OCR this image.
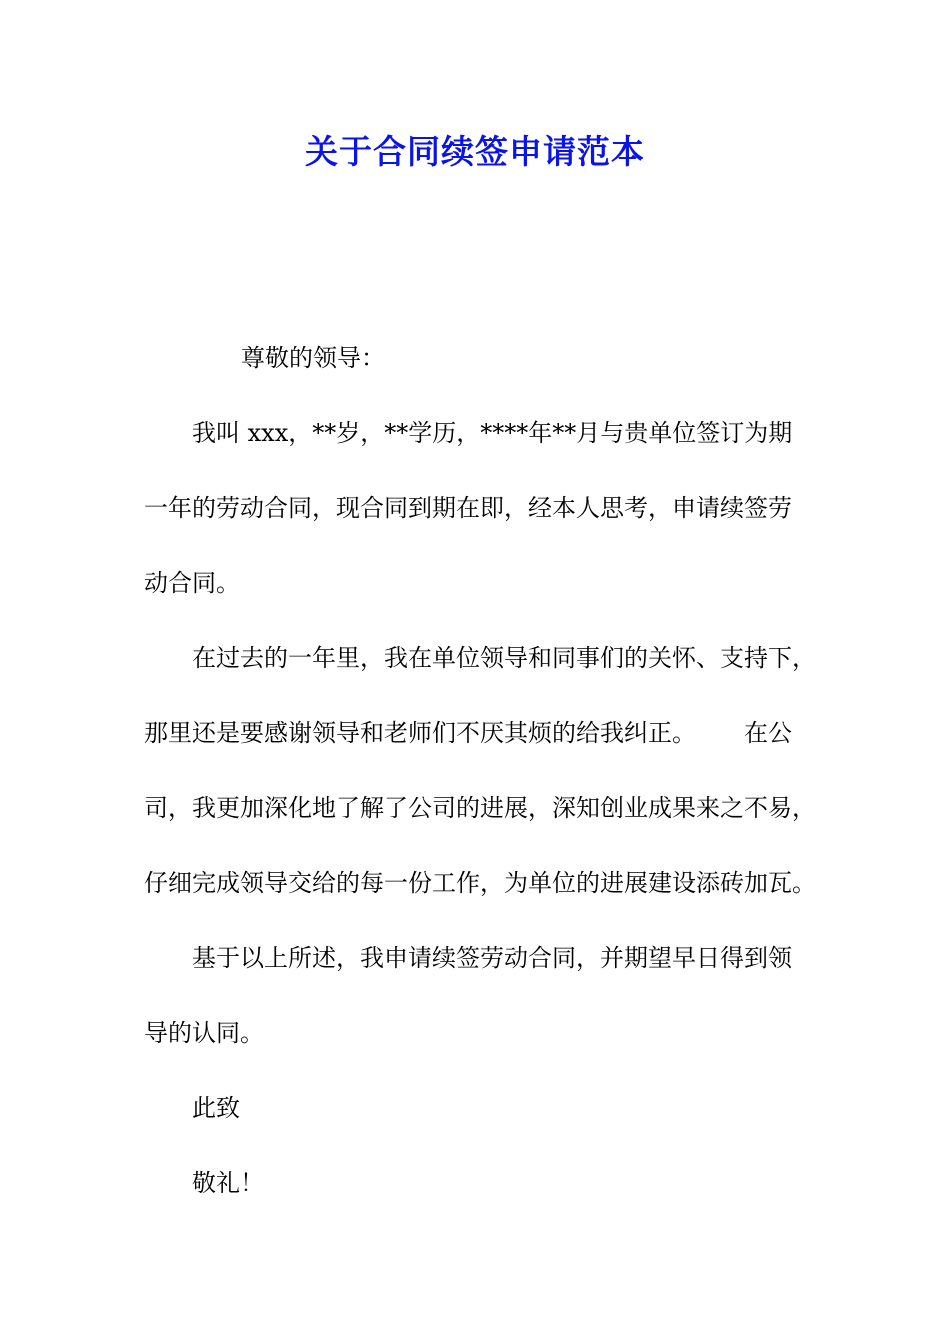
关于合同续签申请范本
尊敬的领导：
我叫 xxx，**岁，**学历，****年**月与贵单位签订为期
一年的劳动合同，现合同到期在即，经本人思考，申请续签劳
动合同。
在过去的一年里，我在单位领导和同事们的关怀、支持下，
那里还是要感谢领导和老师们不厌其烦的给我纠正。 在公
司，我更加深化地了解了公司的进展，深知创业成果来之不易，
仔细完成领导交给的每一份工作，为单位的进展建设添砖加瓦。
基于以上所述，我申请续签劳动合同，并期望早日得到领
导的认同。
此致
敬礼！
